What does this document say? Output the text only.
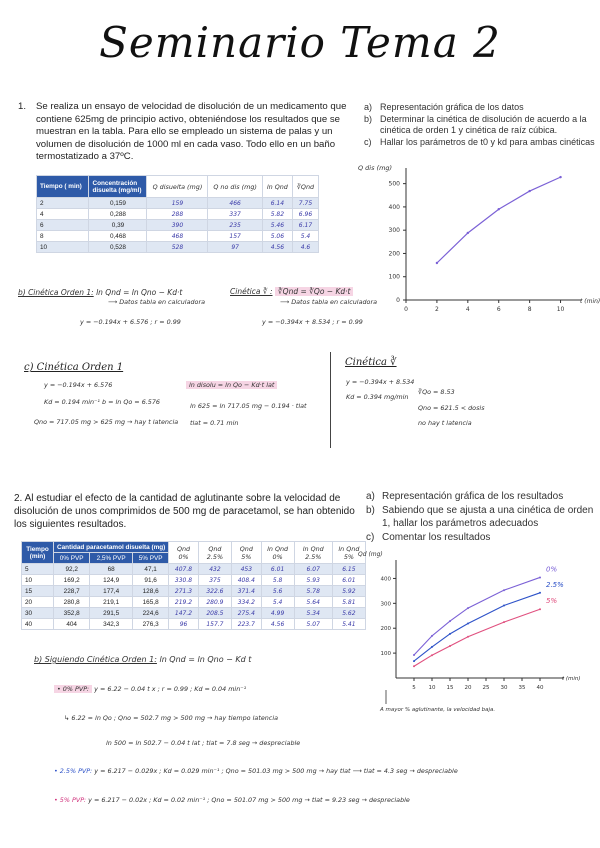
Seminario Tema 2
1.	Se realiza un ensayo de velocidad de disolución de un medicamento que contiene 625mg de principio activo, obteniéndose los resultados que se muestran en la tabla. Para ello se empleado un sistema de palas y un volumen de disolución de 1000 ml en cada vaso. Todo ello en un baño termostatizado a 37ºC.
a) Representación gráfica de los datos
b) Determinar la cinética de disolución de acuerdo a la cinética de orden 1 y cinética de raíz cúbica.
c) Hallar los parámetros de t0 y kd para ambas cinéticas
Tiempo ( min)	Concentración disuelta (mg/ml)	Q disuelta (mg)	Q no dis (mg)	ln Qnd	∛Qnd
2	0,159	159	466	6.14	7.75
4	0,288	288	337	5.82	6.96
6	0,39	390	235	5.46	6.17
8	0,468	468	157	5.06	5.4
10	0,528	528	97	4.56	4.6
0	2	4	6	8	10
0
100
200
300
400
500
Q dis (mg)
t (min)
b) Cinética Orden 1: ln Qnd = ln Qno − Kd·t
⟶ Datos tabla en calculadora
y = −0.194x + 6.576 ; r = 0.99
Cinética ∛ : ∛Qnd = ∛Qo − Kd·t
⟶ Datos tabla en calculadora
y = −0.394x + 8.534 ; r = 0.99
c) Cinética Orden 1
y = −0.194x + 6.576
Kd = 0.194 min⁻¹ b = ln Qo = 6.576
Qno = 717.05 mg > 625 mg → hay t latencia
ln disolu = ln Qo − Kd·t lat
ln 625 = ln 717.05 mg − 0.194 · tlat
tlat = 0.71 min
Cinética ∛
y = −0.394x + 8.534
Kd = 0.394 mg/min
∛Qo = 8.53
Qno = 621.5 < dosis
no hay t latencia
2. Al estudiar el efecto de la cantidad de aglutinante sobre la velocidad de disolución de unos comprimidos de 500 mg de paracetamol, se han obtenido los siguientes resultados.
a) Representación gráfica de los resultados
b) Sabiendo que se ajusta a una cinética de orden 1, hallar los parámetros adecuados
c) Comentar los resultados
Tiempo (min)	Cantidad paracetamol disuelta (mg)			Qnd 0%	Qnd 2.5%	Qnd 5%	ln Qnd 0%	ln Qnd 2.5%	ln Qnd 5%
	0% PVP	2,5% PVP	5% PVP						
5	92,2	68	47,1	407.8	432	453	6.01	6.07	6.15
10	169,2	124,9	91,6	330.8	375	408.4	5.8	5.93	6.01
15	228,7	177,4	128,6	271.3	322.6	371.4	5.6	5.78	5.92
20	280,8	219,1	165,8	219.2	280.9	334.2	5.4	5.64	5.81
30	352,8	291,5	224,6	147.2	208.5	275.4	4.99	5.34	5.62
40	404	342,3	276,3	96	157.7	223.7	4.56	5.07	5.41
5 10 15 20 25 30 35 40
100
200
300
400
0%
2.5%
5%
Qd (mg)
t (min)
A mayor % aglutinante, la velocidad baja.
b) Siguiendo Cinética Orden 1: ln Qnd = ln Qno − Kd t
• 0% PVP: y = 6.22 − 0.04 t x ; r = 0.99 ; Kd = 0.04 min⁻¹
↳ 6.22 = ln Qo ; Qno = 502.7 mg > 500 mg → hay tiempo latencia
ln 500 = ln 502.7 − 0.04 t lat ; tlat = 7.8 seg → despreciable
• 2.5% PVP: y = 6.217 − 0.029x ; Kd = 0.029 min⁻¹ ; Qno = 501.03 mg > 500 mg → hay tlat ⟶ tlat = 4.3 seg → despreciable
• 5% PVP: y = 6.217 − 0.02x ; Kd = 0.02 min⁻¹ ; Qno = 501.07 mg > 500 mg → tlat = 9.23 seg → despreciable
